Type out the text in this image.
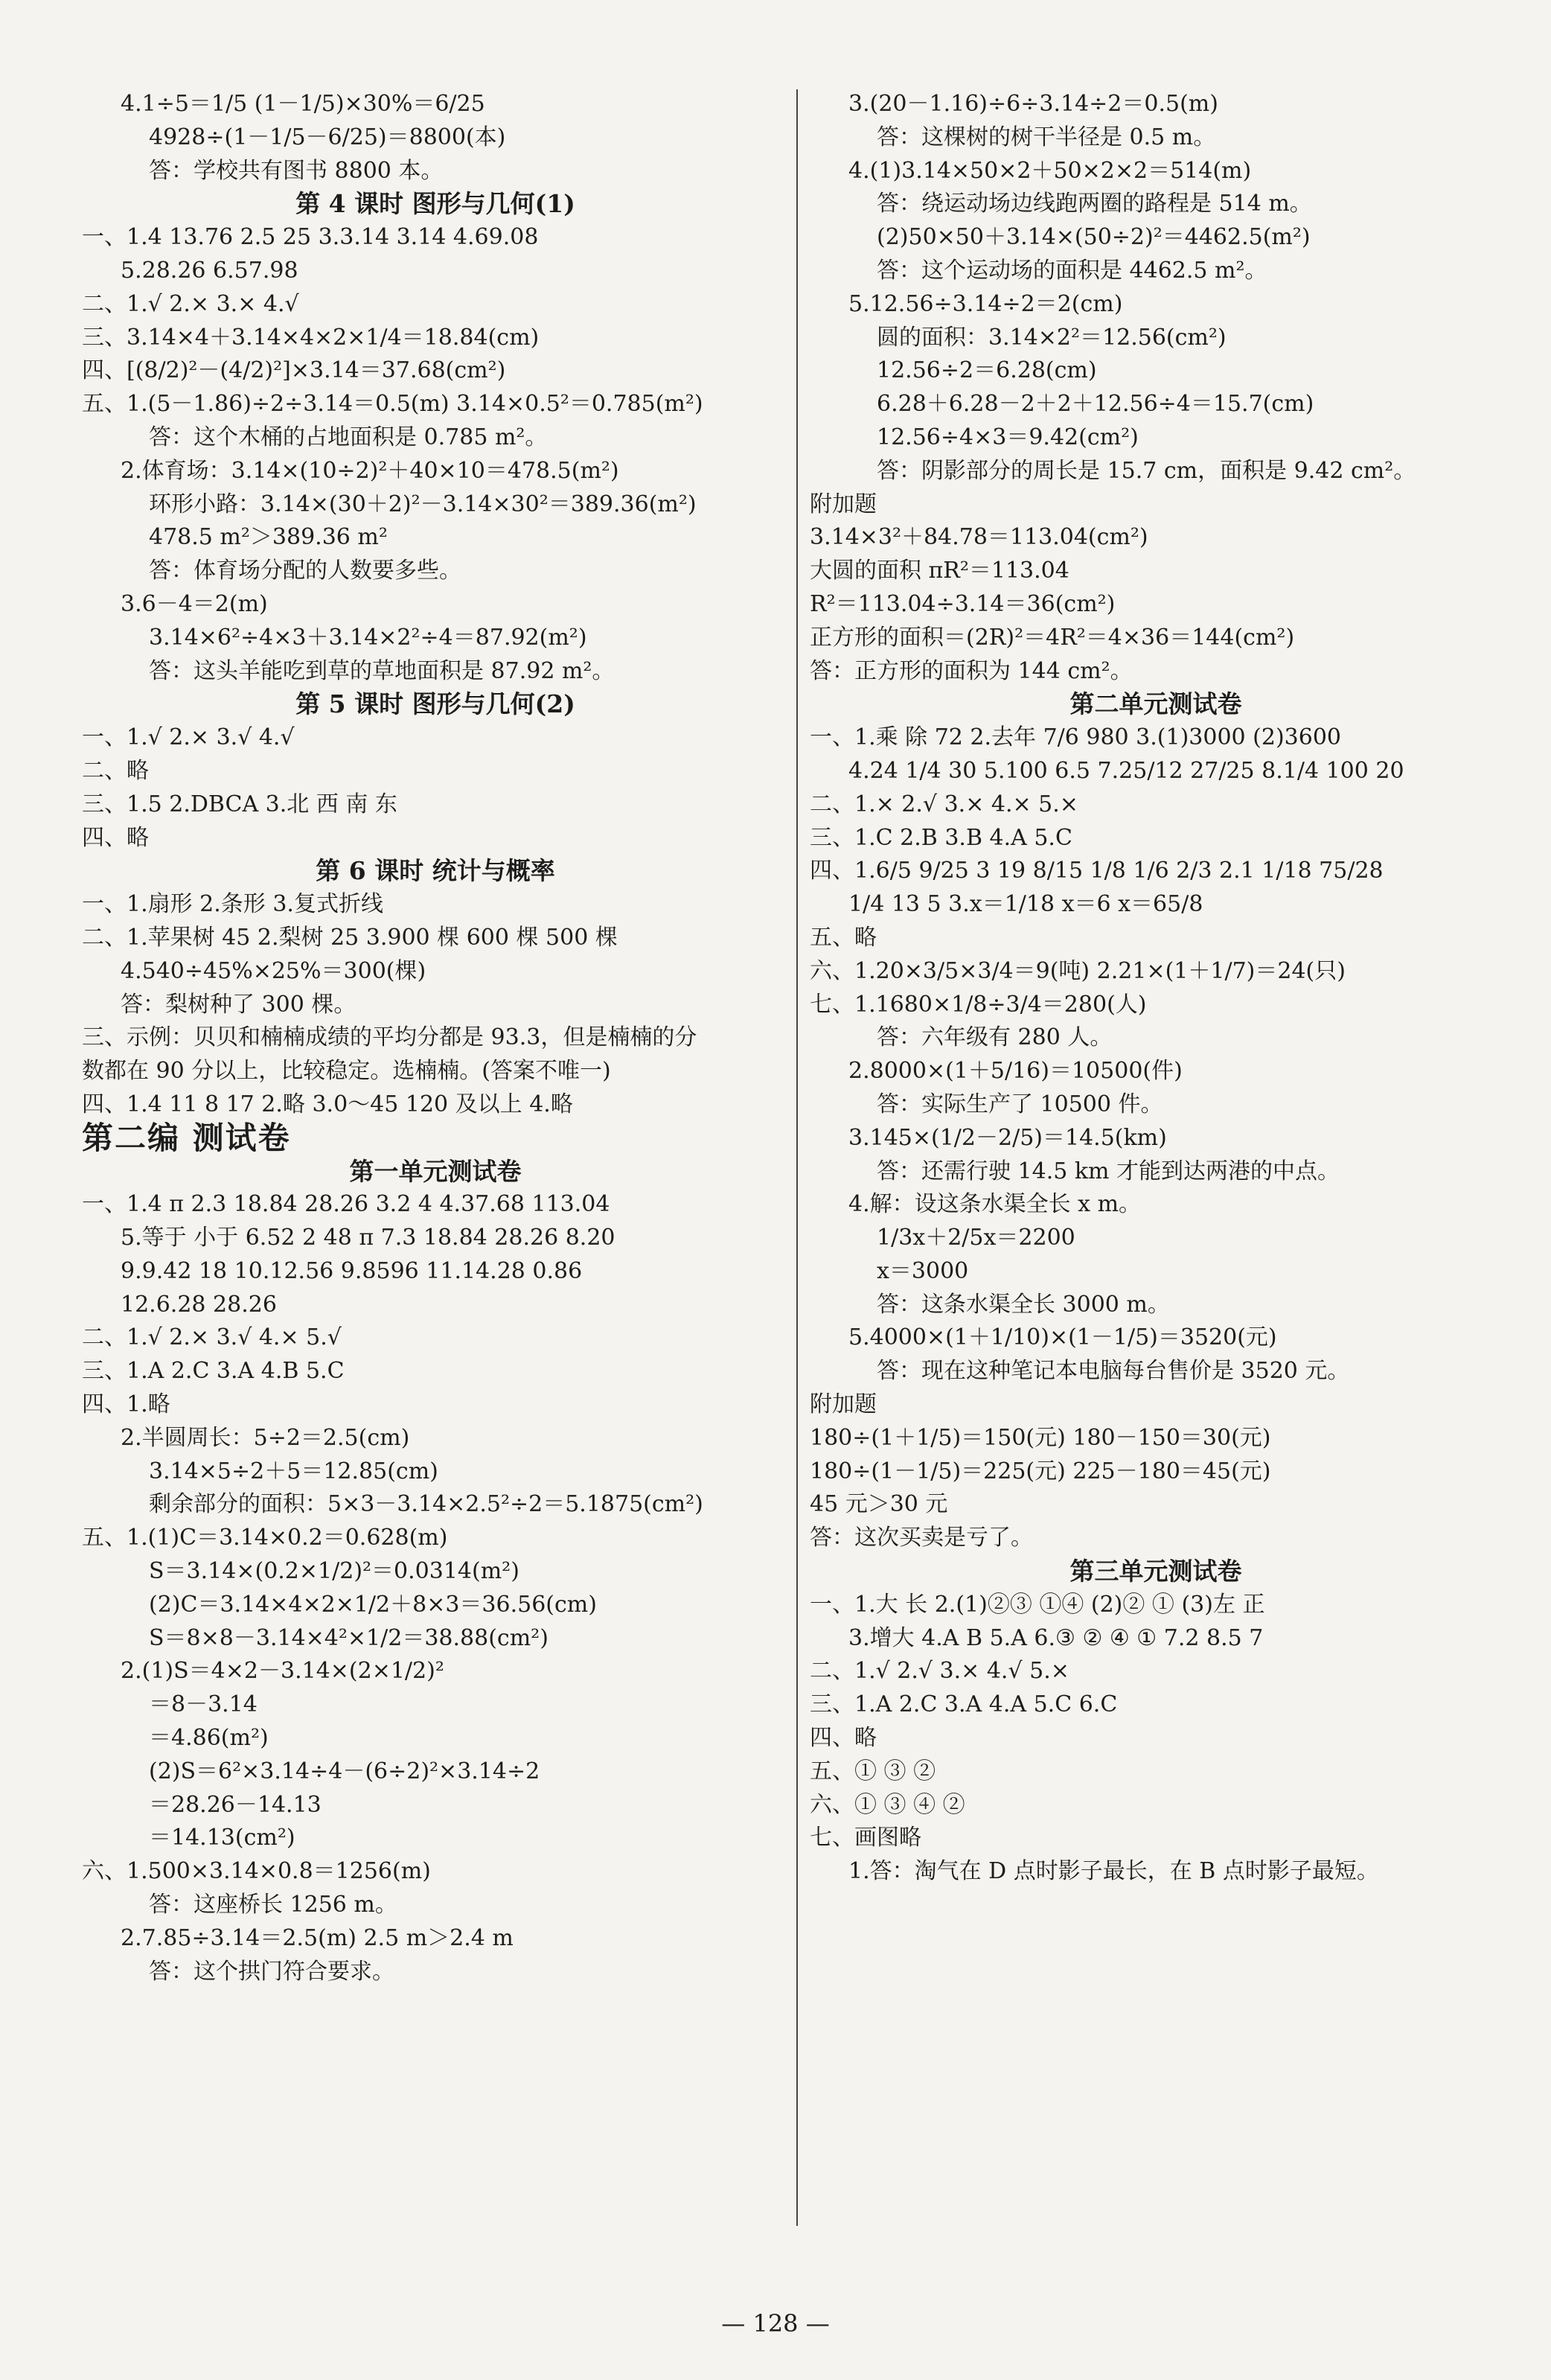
4.1÷5＝1/5 (1－1/5)×30%＝6/25
4928÷(1－1/5－6/25)＝8800(本)
答：学校共有图书 8800 本。
第 4 课时 图形与几何(1)
一、1.4 13.76 2.5 25 3.3.14 3.14 4.69.08
5.28.26 6.57.98
二、1.√ 2.× 3.× 4.√
三、3.14×4＋3.14×4×2×1/4＝18.84(cm)
四、[(8/2)²－(4/2)²]×3.14＝37.68(cm²)
五、1.(5－1.86)÷2÷3.14＝0.5(m) 3.14×0.5²＝0.785(m²)
答：这个木桶的占地面积是 0.785 m²。
2.体育场：3.14×(10÷2)²＋40×10＝478.5(m²)
环形小路：3.14×(30＋2)²－3.14×30²＝389.36(m²)
478.5 m²＞389.36 m²
答：体育场分配的人数要多些。
3.6－4＝2(m)
3.14×6²÷4×3＋3.14×2²÷4＝87.92(m²)
答：这头羊能吃到草的草地面积是 87.92 m²。
第 5 课时 图形与几何(2)
一、1.√ 2.× 3.√ 4.√
二、略
三、1.5 2.DBCA 3.北 西 南 东
四、略
第 6 课时 统计与概率
一、1.扇形 2.条形 3.复式折线
二、1.苹果树 45 2.梨树 25 3.900 棵 600 棵 500 棵
4.540÷45%×25%＝300(棵)
答：梨树种了 300 棵。
三、示例：贝贝和楠楠成绩的平均分都是 93.3，但是楠楠的分
数都在 90 分以上，比较稳定。选楠楠。(答案不唯一)
四、1.4 11 8 17 2.略 3.0～45 120 及以上 4.略
第二编 测试卷
第一单元测试卷
一、1.4 π 2.3 18.84 28.26 3.2 4 4.37.68 113.04
5.等于 小于 6.52 2 48 π 7.3 18.84 28.26 8.20
9.9.42 18 10.12.56 9.8596 11.14.28 0.86
12.6.28 28.26
二、1.√ 2.× 3.√ 4.× 5.√
三、1.A 2.C 3.A 4.B 5.C
四、1.略
2.半圆周长：5÷2＝2.5(cm)
3.14×5÷2＋5＝12.85(cm)
剩余部分的面积：5×3－3.14×2.5²÷2＝5.1875(cm²)
五、1.(1)C＝3.14×0.2＝0.628(m)
S＝3.14×(0.2×1/2)²＝0.0314(m²)
(2)C＝3.14×4×2×1/2＋8×3＝36.56(cm)
S＝8×8－3.14×4²×1/2＝38.88(cm²)
2.(1)S＝4×2－3.14×(2×1/2)²
＝8－3.14
＝4.86(m²)
(2)S＝6²×3.14÷4－(6÷2)²×3.14÷2
＝28.26－14.13
＝14.13(cm²)
六、1.500×3.14×0.8＝1256(m)
答：这座桥长 1256 m。
2.7.85÷3.14＝2.5(m) 2.5 m＞2.4 m
答：这个拱门符合要求。
3.(20－1.16)÷6÷3.14÷2＝0.5(m)
答：这棵树的树干半径是 0.5 m。
4.(1)3.14×50×2＋50×2×2＝514(m)
答：绕运动场边线跑两圈的路程是 514 m。
(2)50×50＋3.14×(50÷2)²＝4462.5(m²)
答：这个运动场的面积是 4462.5 m²。
5.12.56÷3.14÷2＝2(cm)
圆的面积：3.14×2²＝12.56(cm²)
12.56÷2＝6.28(cm)
6.28＋6.28－2＋2＋12.56÷4＝15.7(cm)
12.56÷4×3＝9.42(cm²)
答：阴影部分的周长是 15.7 cm，面积是 9.42 cm²。
附加题
3.14×3²＋84.78＝113.04(cm²)
大圆的面积 πR²＝113.04
R²＝113.04÷3.14＝36(cm²)
正方形的面积＝(2R)²＝4R²＝4×36＝144(cm²)
答：正方形的面积为 144 cm²。
第二单元测试卷
一、1.乘 除 72 2.去年 7/6 980 3.(1)3000 (2)3600
4.24 1/4 30 5.100 6.5 7.25/12 27/25 8.1/4 100 20
二、1.× 2.√ 3.× 4.× 5.×
三、1.C 2.B 3.B 4.A 5.C
四、1.6/5 9/25 3 19 8/15 1/8 1/6 2/3 2.1 1/18 75/28
1/4 13 5 3.x＝1/18 x＝6 x＝65/8
五、略
六、1.20×3/5×3/4＝9(吨) 2.21×(1＋1/7)＝24(只)
七、1.1680×1/8÷3/4＝280(人)
答：六年级有 280 人。
2.8000×(1＋5/16)＝10500(件)
答：实际生产了 10500 件。
3.145×(1/2－2/5)＝14.5(km)
答：还需行驶 14.5 km 才能到达两港的中点。
4.解：设这条水渠全长 x m。
1/3x＋2/5x＝2200
x＝3000
答：这条水渠全长 3000 m。
5.4000×(1＋1/10)×(1－1/5)＝3520(元)
答：现在这种笔记本电脑每台售价是 3520 元。
附加题
180÷(1＋1/5)＝150(元) 180－150＝30(元)
180÷(1－1/5)＝225(元) 225－180＝45(元)
45 元＞30 元
答：这次买卖是亏了。
第三单元测试卷
一、1.大 长 2.(1)②③ ①④ (2)② ① (3)左 正
3.增大 4.A B 5.A 6.③ ② ④ ① 7.2 8.5 7
二、1.√ 2.√ 3.× 4.√ 5.×
三、1.A 2.C 3.A 4.A 5.C 6.C
四、略
五、① ③ ②
六、① ③ ④ ②
七、画图略
1.答：淘气在 D 点时影子最长，在 B 点时影子最短。
— 128 —
